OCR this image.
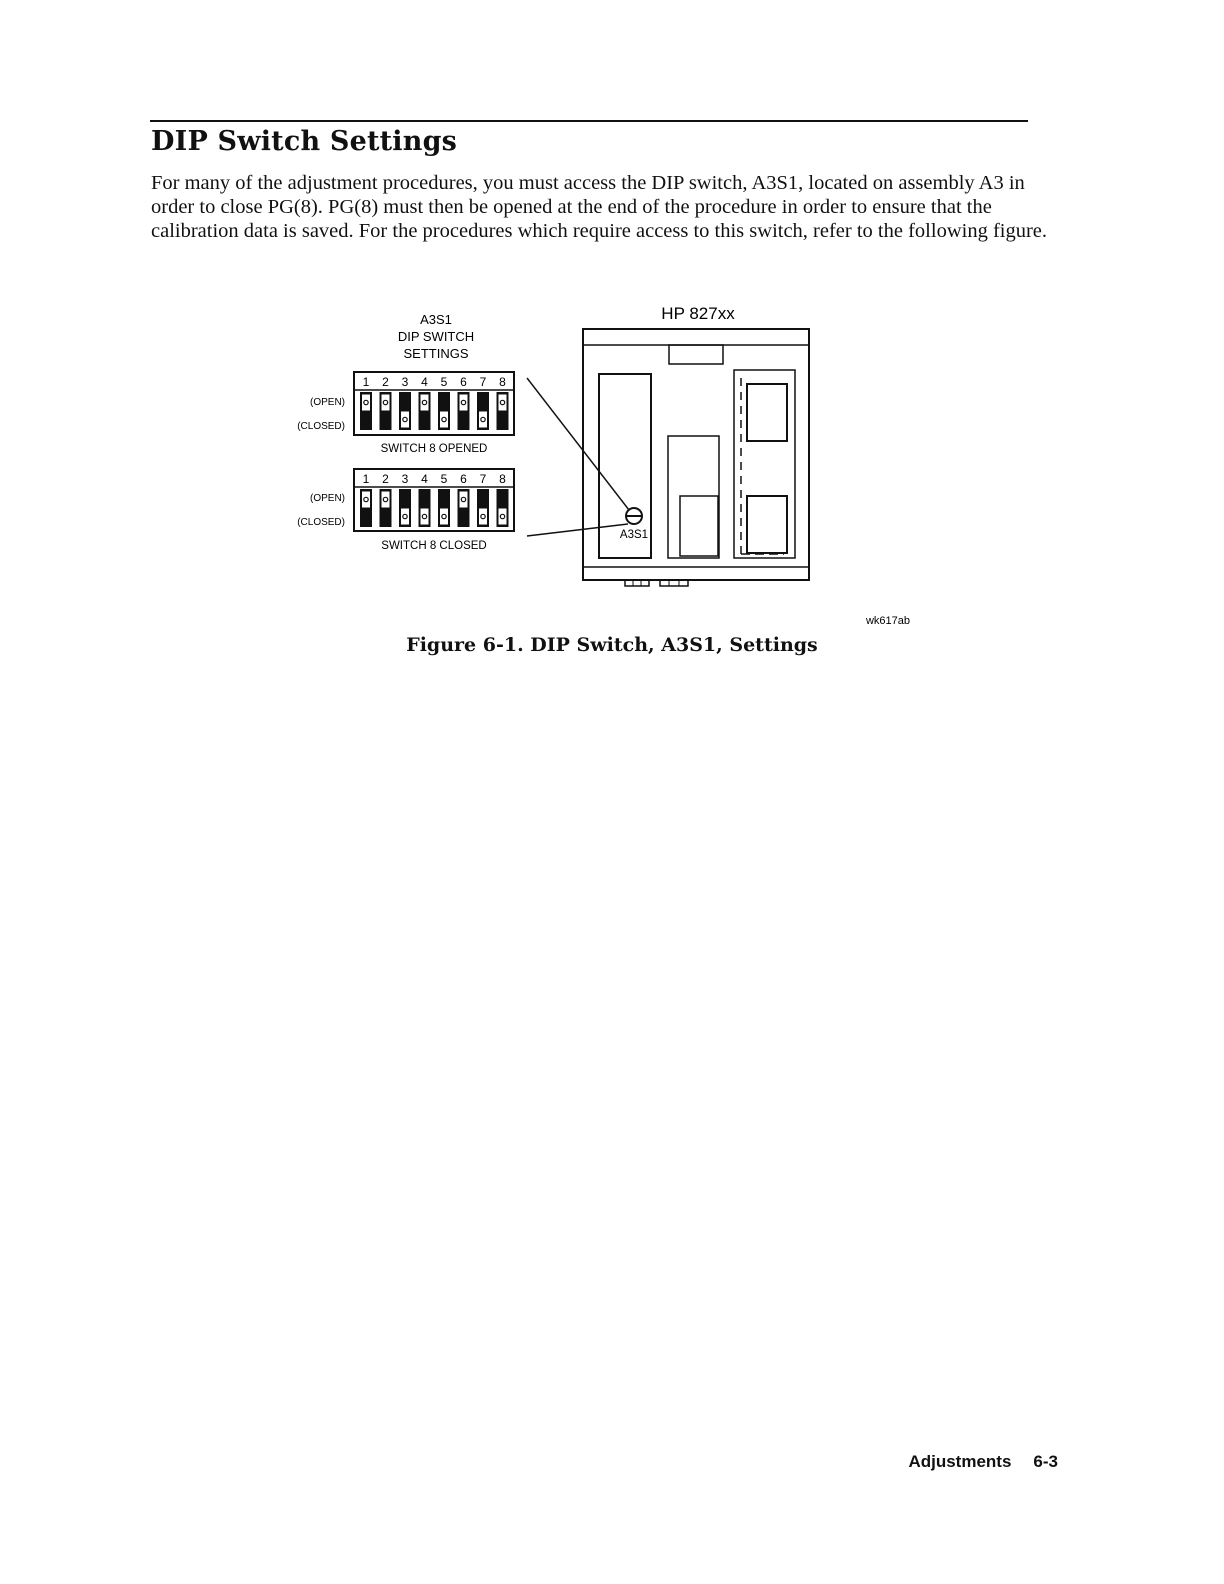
DIP Switch Settings

For many of the adjustment procedures, you must access the DIP switch, A3S1, located on assembly A3 in order to close PG(8). PG(8) must then be opened at the end of the procedure in order to ensure that the calibration data is saved. For the procedures which require access to this switch, refer to the following figure.

A3S1
DIP SWITCH
SETTINGS
1 2 3 4 5 6 7 8
(OPEN)
(CLOSED)
SWITCH 8 OPENED
1 2 3 4 5 6 7 8
(OPEN)
(CLOSED)
SWITCH 8 CLOSED
HP 827xx
A3S1
wk617ab

Figure 6-1. DIP Switch, A3S1, Settings

Adjustments 6-3
